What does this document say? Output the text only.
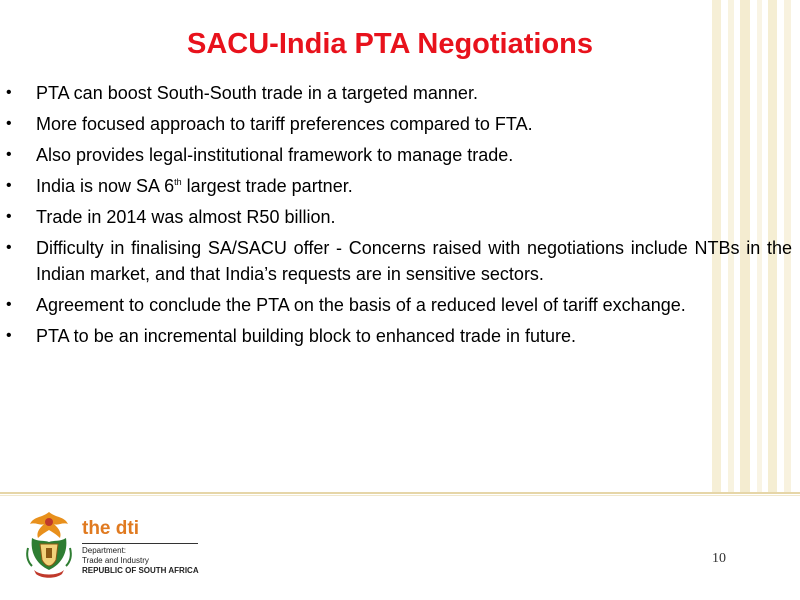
SACU-India PTA Negotiations
•	PTA can boost South-South trade in a targeted manner.
•	More focused approach to tariff preferences compared to FTA.
•	Also provides legal-institutional framework to manage trade.
•	India is now SA 6th largest trade partner.
•	Trade in 2014 was almost R50 billion.
•	Difficulty in finalising SA/SACU offer - Concerns raised with negotiations include NTBs in the Indian market, and that India’s requests are in sensitive sectors.
•	Agreement to conclude the PTA on the basis of a reduced level of tariff exchange.
•	PTA to be an incremental building block to enhanced trade in future.
the dti
Department:
Trade and Industry
REPUBLIC OF SOUTH AFRICA
10
